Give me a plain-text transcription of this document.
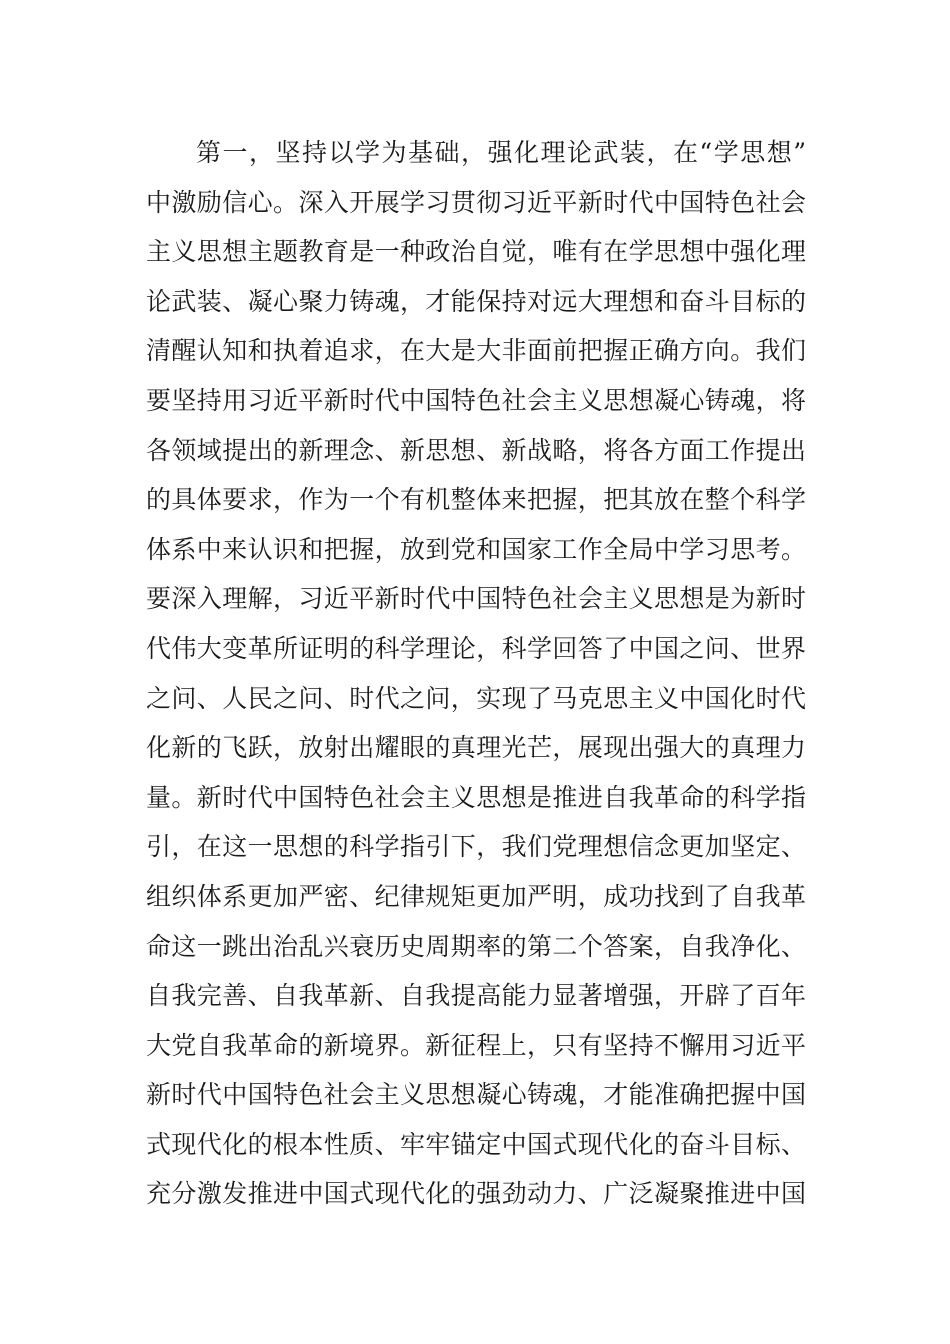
第一，坚持以学为基础，强化理论武装，在“学思想”
中激励信心。深入开展学习贯彻习近平新时代中国特色社会
主义思想主题教育是一种政治自觉，唯有在学思想中强化理
论武装、凝心聚力铸魂，才能保持对远大理想和奋斗目标的
清醒认知和执着追求，在大是大非面前把握正确方向。我们
要坚持用习近平新时代中国特色社会主义思想凝心铸魂，将
各领域提出的新理念、新思想、新战略，将各方面工作提出
的具体要求，作为一个有机整体来把握，把其放在整个科学
体系中来认识和把握，放到党和国家工作全局中学习思考。
要深入理解，习近平新时代中国特色社会主义思想是为新时
代伟大变革所证明的科学理论，科学回答了中国之问、世界
之问、人民之问、时代之问，实现了马克思主义中国化时代
化新的飞跃，放射出耀眼的真理光芒，展现出强大的真理力
量。新时代中国特色社会主义思想是推进自我革命的科学指
引，在这一思想的科学指引下，我们党理想信念更加坚定、
组织体系更加严密、纪律规矩更加严明，成功找到了自我革
命这一跳出治乱兴衰历史周期率的第二个答案，自我净化、
自我完善、自我革新、自我提高能力显著增强，开辟了百年
大党自我革命的新境界。新征程上，只有坚持不懈用习近平
新时代中国特色社会主义思想凝心铸魂，才能准确把握中国
式现代化的根本性质、牢牢锚定中国式现代化的奋斗目标、
充分激发推进中国式现代化的强劲动力、广泛凝聚推进中国
